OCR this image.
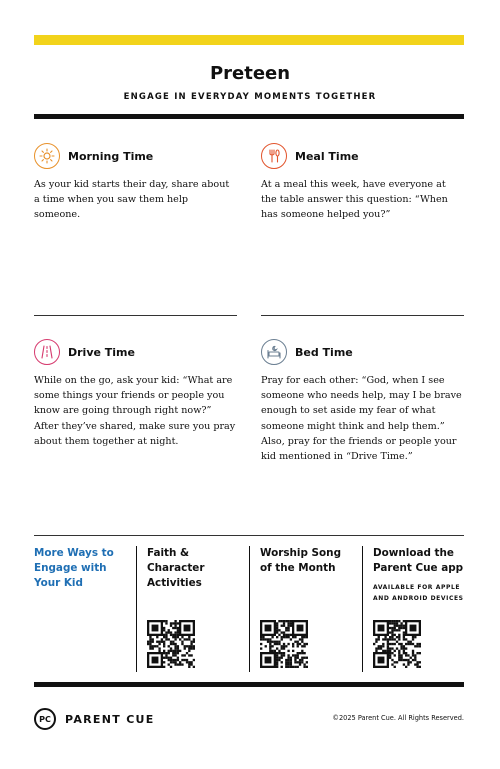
Preteen
ENGAGE IN EVERYDAY MOMENTS TOGETHER
Morning Time

As your kid starts their day, share about a time when you saw them help someone.

Meal Time

At a meal this week, have everyone at the table answer this question: “When has someone helped you?”

Drive Time

While on the go, ask your kid: “What are some things your friends or people you know are going through right now?” After they’ve shared, make sure you pray about them together at night.

Bed Time

Pray for each other: “God, when I see someone who needs help, may I be brave enough to set aside my fear of what someone might think and help them.” Also, pray for the friends or people your kid mentioned in “Drive Time.”

More Ways to Engage with Your Kid
Faith & Character Activities
Worship Song of the Month
Download the Parent Cue app
AVAILABLE FOR APPLE AND ANDROID DEVICES
PC	PARENT CUE	©2025 Parent Cue. All Rights Reserved.
